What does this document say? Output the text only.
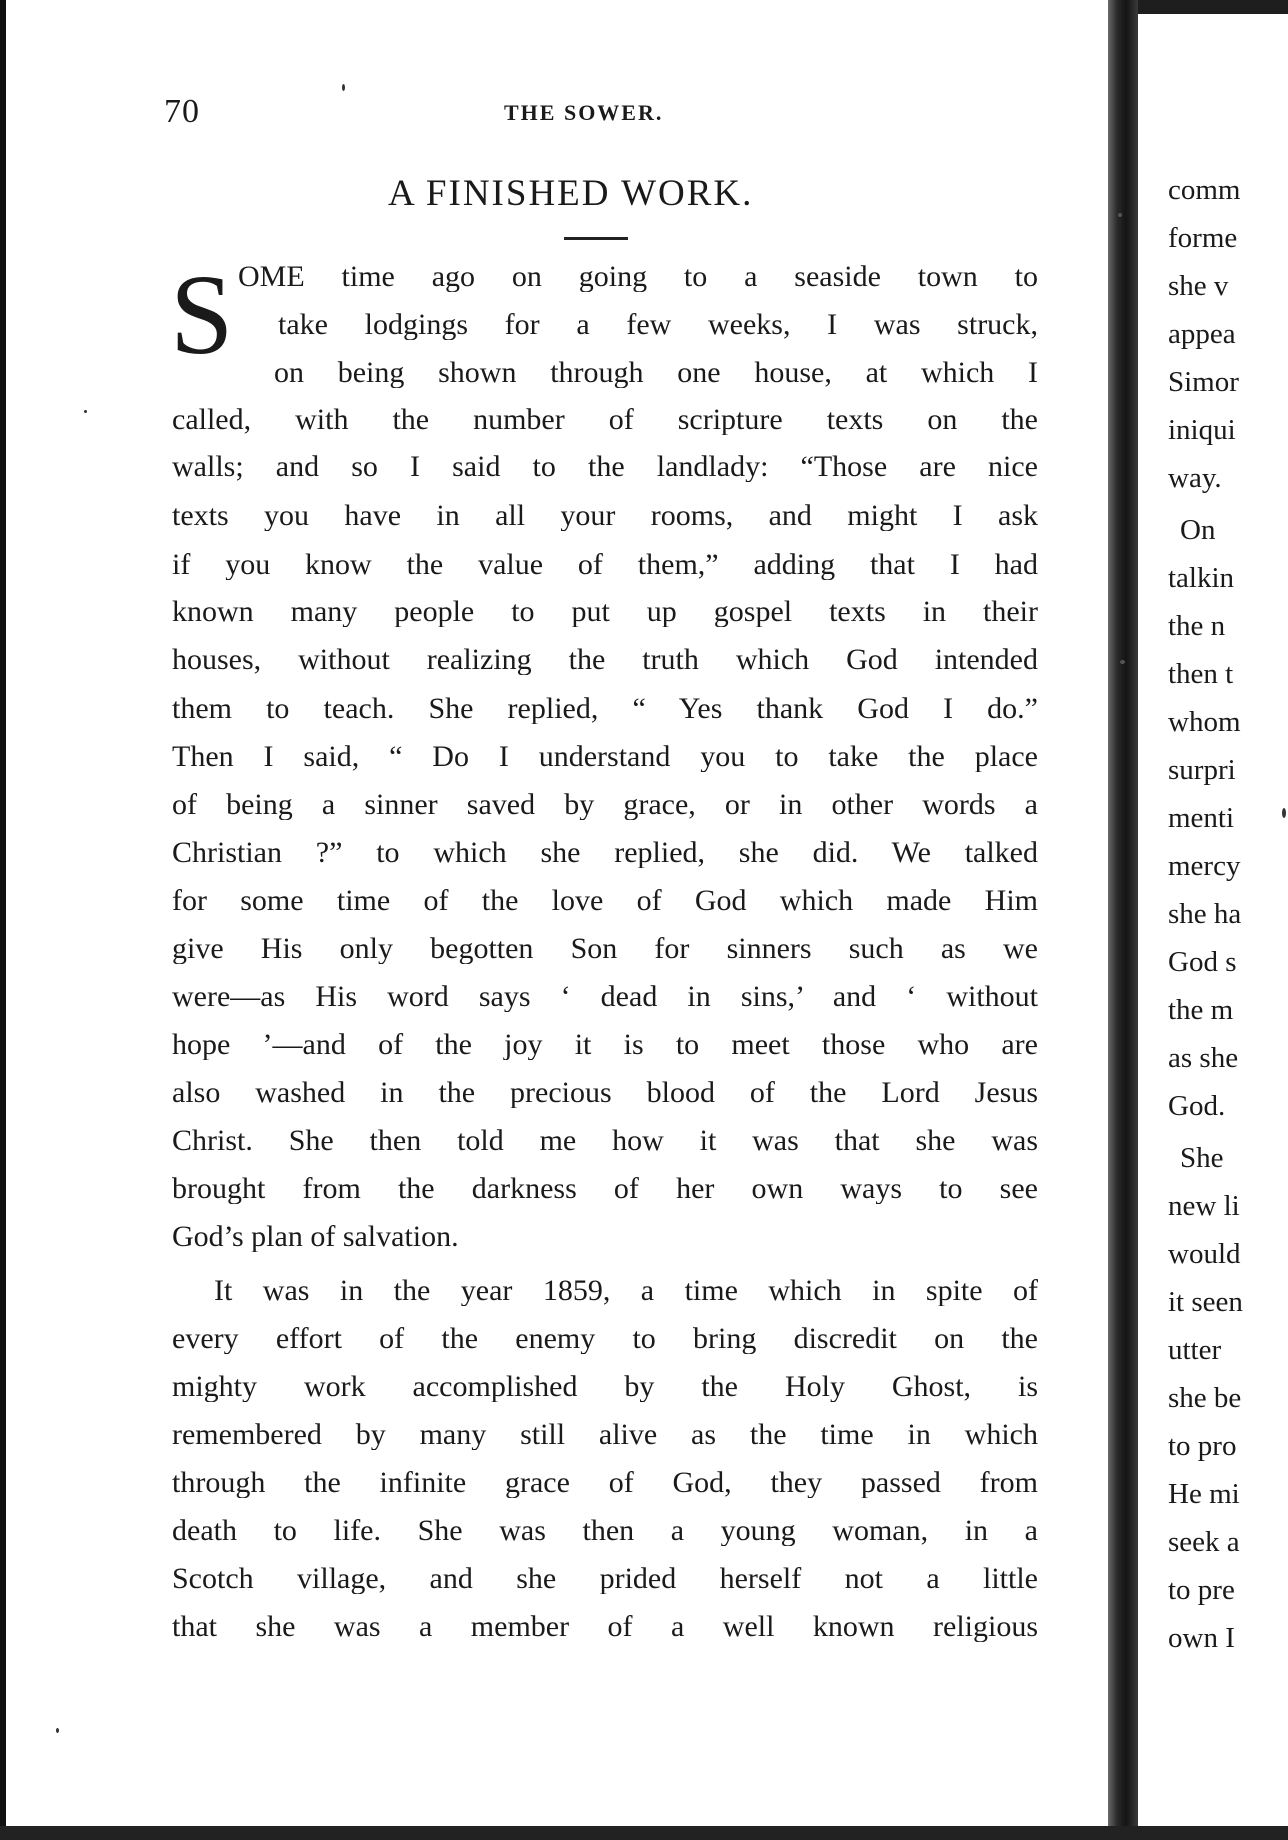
70	THE SOWER.
A FINISHED WORK.
S OME time ago on going to a seaside town to
take lodgings for a few weeks, I was struck,
on being shown through one house, at which I
called, with the number of scripture texts on the
walls; and so I said to the landlady: “Those are nice
texts you have in all your rooms, and might I ask
if you know the value of them,” adding that I had
known many people to put up gospel texts in their
houses, without realizing the truth which God intended
them to teach. She replied, “ Yes thank God I do.”
Then I said, “ Do I understand you to take the place
of being a sinner saved by grace, or in other words a
Christian ?” to which she replied, she did. We talked
for some time of the love of God which made Him
give His only begotten Son for sinners such as we
were—as His word says ‘ dead in sins,’ and ‘ without
hope ’—and of the joy it is to meet those who are
also washed in the precious blood of the Lord Jesus
Christ. She then told me how it was that she was
brought from the darkness of her own ways to see
God’s plan of salvation.
It was in the year 1859, a time which in spite of
every effort of the enemy to bring discredit on the
mighty work accomplished by the Holy Ghost, is
remembered by many still alive as the time in which
through the infinite grace of God, they passed from
death to life. She was then a young woman, in a
Scotch village, and she prided herself not a little
that she was a member of a well known religious
comm
forme
she v
appea
Simor
iniqui
way.
On
talkin
the n
then t
whom
surpri
menti
mercy
she ha
God s
the m
as she
God.
She
new li
would
it seen
utter
she be
to pro
He mi
seek a
to pre
own I
